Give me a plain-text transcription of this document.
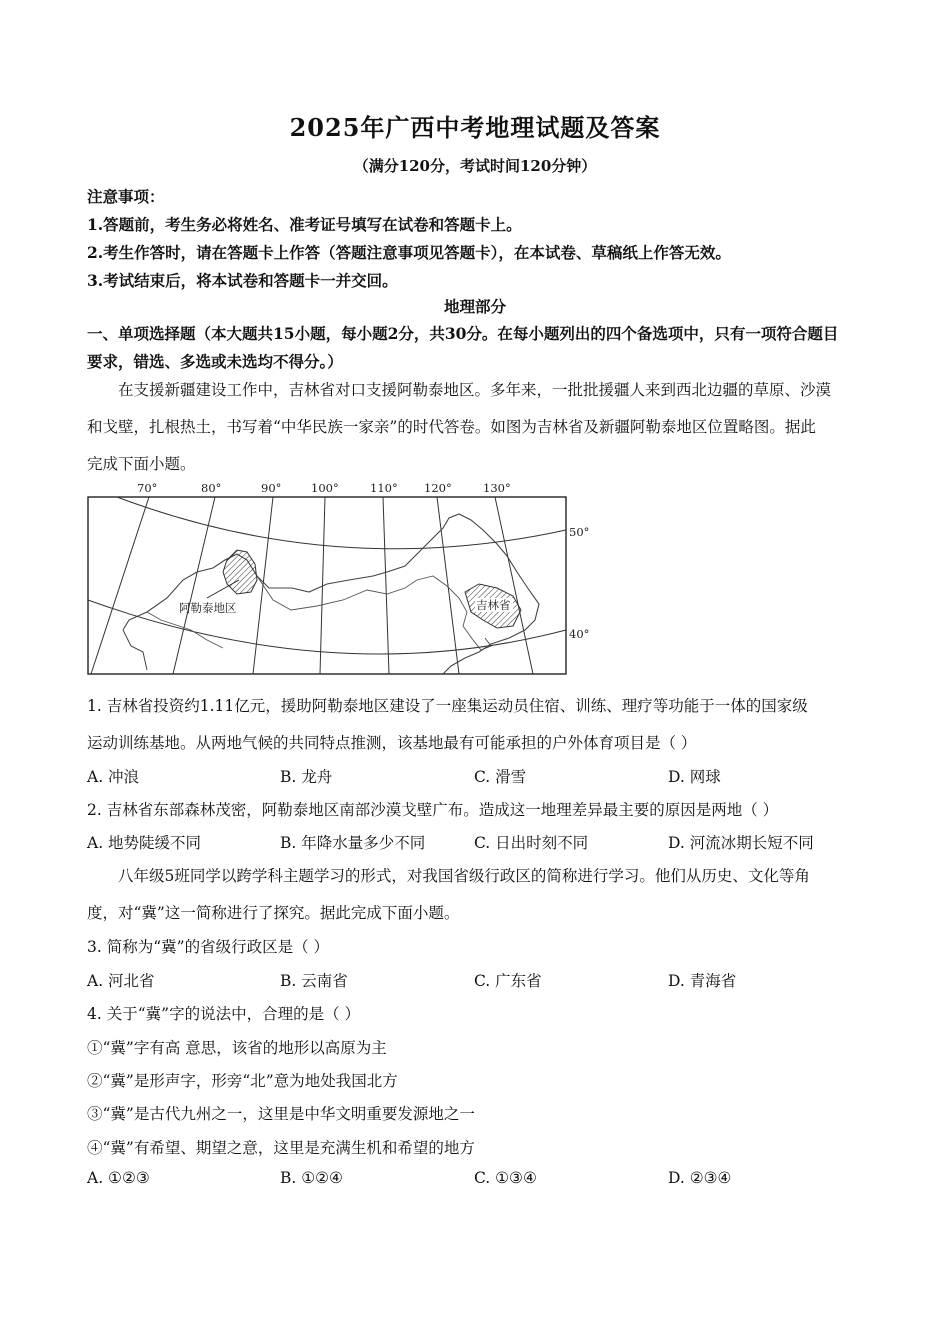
2025年广西中考地理试题及答案
（满分120分，考试时间120分钟）
注意事项：
1.答题前，考生务必将姓名、准考证号填写在试卷和答题卡上。
2.考生作答时，请在答题卡上作答（答题注意事项见答题卡），在本试卷、草稿纸上作答无效。
3.考试结束后，将本试卷和答题卡一并交回。
地理部分
一、单项选择题（本大题共15小题，每小题2分，共30分。在每小题列出的四个备选项中，只有一项符合题目
要求，错选、多选或未选均不得分。）
在支援新疆建设工作中，吉林省对口支援阿勒泰地区。多年来，一批批援疆人来到西北边疆的草原、沙漠
和戈壁，扎根热土，书写着“中华民族一家亲”的时代答卷。如图为吉林省及新疆阿勒泰地区位置略图。据此
完成下面小题。
70°	80°	90°	100°	110° 120°	130°
50°
40°
阿勒泰地区	吉林省
1. 吉林省投资约1.11亿元，援助阿勒泰地区建设了一座集运动员住宿、训练、理疗等功能于一体的国家级
运动训练基地。从两地气候的共同特点推测，该基地最有可能承担的户外体育项目是（ ）
A. 冲浪	B. 龙舟	C. 滑雪	D. 网球
2. 吉林省东部森林茂密，阿勒泰地区南部沙漠戈壁广布。造成这一地理差异最主要的原因是两地（ ）
A. 地势陡缓不同	B. 年降水量多少不同	C. 日出时刻不同	D. 河流冰期长短不同
八年级5班同学以跨学科主题学习的形式，对我国省级行政区的简称进行学习。他们从历史、文化等角
度，对“冀”这一简称进行了探究。据此完成下面小题。
3. 简称为“冀”的省级行政区是（ ）
A. 河北省	B. 云南省	C. 广东省	D. 青海省
4. 关于“冀”字的说法中，合理的是（ ）
①“冀”字有高 意思，该省的地形以高原为主
②“冀”是形声字，形旁“北”意为地处我国北方
③“冀”是古代九州之一，这里是中华文明重要发源地之一
④“冀”有希望、期望之意，这里是充满生机和希望的地方
A. ①②③	B. ①②④	C. ①③④	D. ②③④
